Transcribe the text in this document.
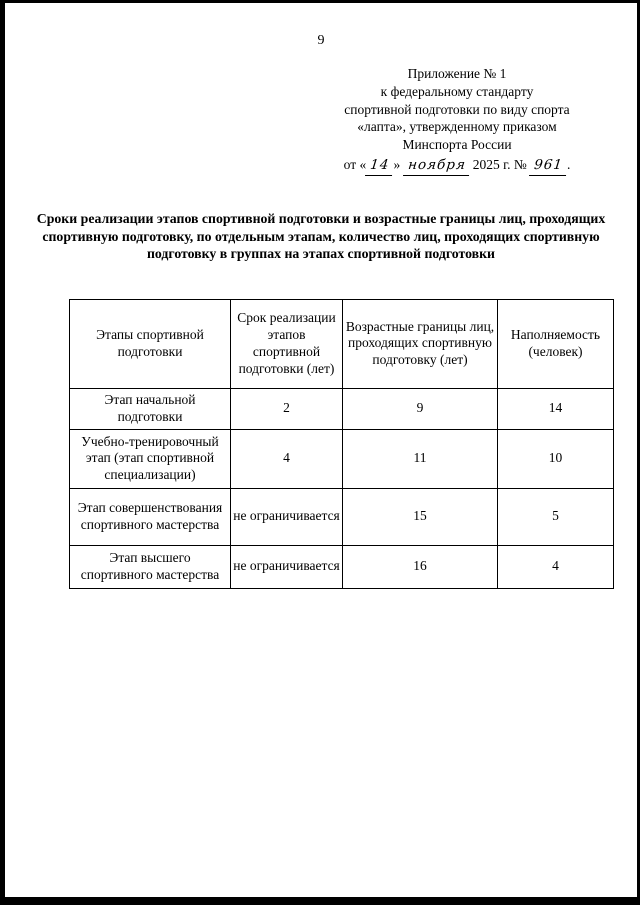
9
Приложение № 1
к федеральному стандарту
спортивной подготовки по виду спорта
«лапта», утвержденному приказом
Минспорта России
от « 14 » ноября 2025 г. № 961 .
Сроки реализации этапов спортивной подготовки и возрастные границы лиц, проходящих спортивную подготовку, по отдельным этапам, количество лиц, проходящих спортивную подготовку в группах на этапах спортивной подготовки
Этапы спортивной подготовки	Срок реализации этапов спортивной подготовки (лет)	Возрастные границы лиц, проходящих спортивную подготовку (лет)	Наполняемость (человек)
Этап начальной подготовки	2	9	14
Учебно-тренировочный этап (этап спортивной специализации)	4	11	10
Этап совершенствования спортивного мастерства	не ограничивается	15	5
Этап высшего спортивного мастерства	не ограничивается	16	4
